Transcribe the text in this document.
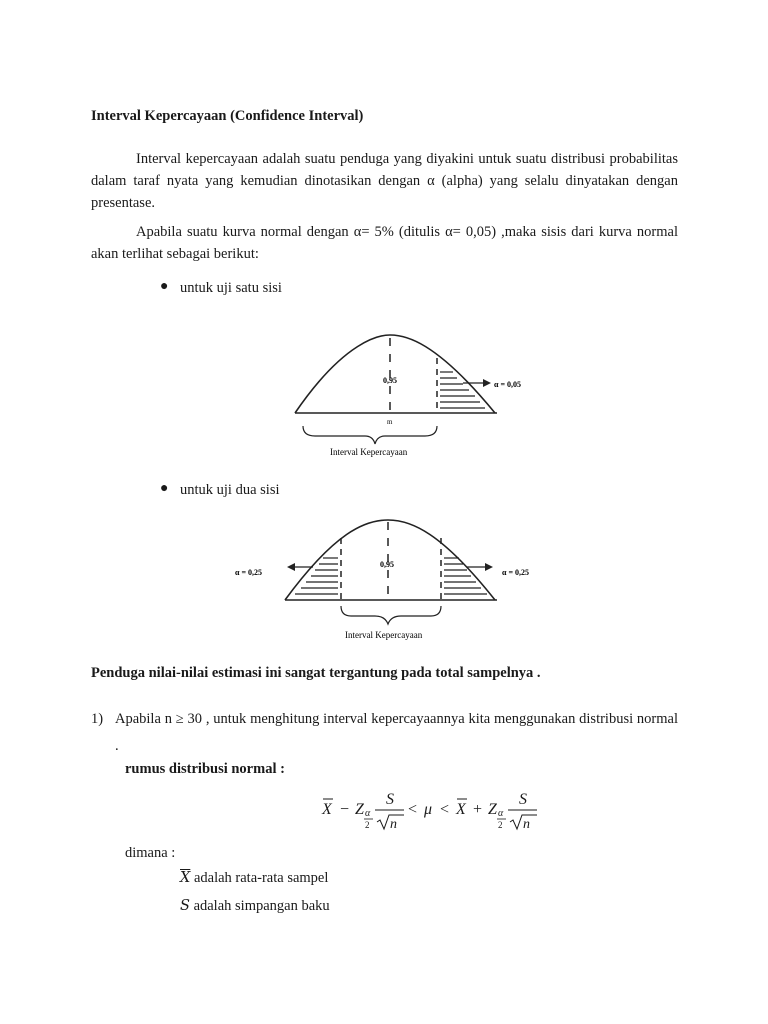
Interval Kepercayaan (Confidence Interval)
Interval kepercayaan adalah suatu penduga yang diyakini untuk suatu distribusi probabilitas dalam taraf nyata yang kemudian dinotasikan dengan α (alpha) yang selalu dinyatakan dengan presentase.
Apabila suatu kurva normal dengan α= 5% (ditulis α= 0,05) ,maka sisis dari kurva normal akan terlihat sebagai berikut:
● untuk uji satu sisi
0,95	α = 0,05
m
Interval Kepercayaan
● untuk uji dua sisi
0,95
α = 0,25	α = 0,25
Interval Kepercayaan
Penduga nilai-nilai estimasi ini sangat tergantung pada total sampelnya .
1) Apabila n ≥ 30 , untuk menghitung interval kepercayaannya kita menggunakan distribusi normal .
rumus distribusi normal :
X − Z α
2
S
n
< μ < X + Z α
2
S
n
dimana :
$\overline{X}$ adalah rata-rata sampel
S adalah simpangan baku
